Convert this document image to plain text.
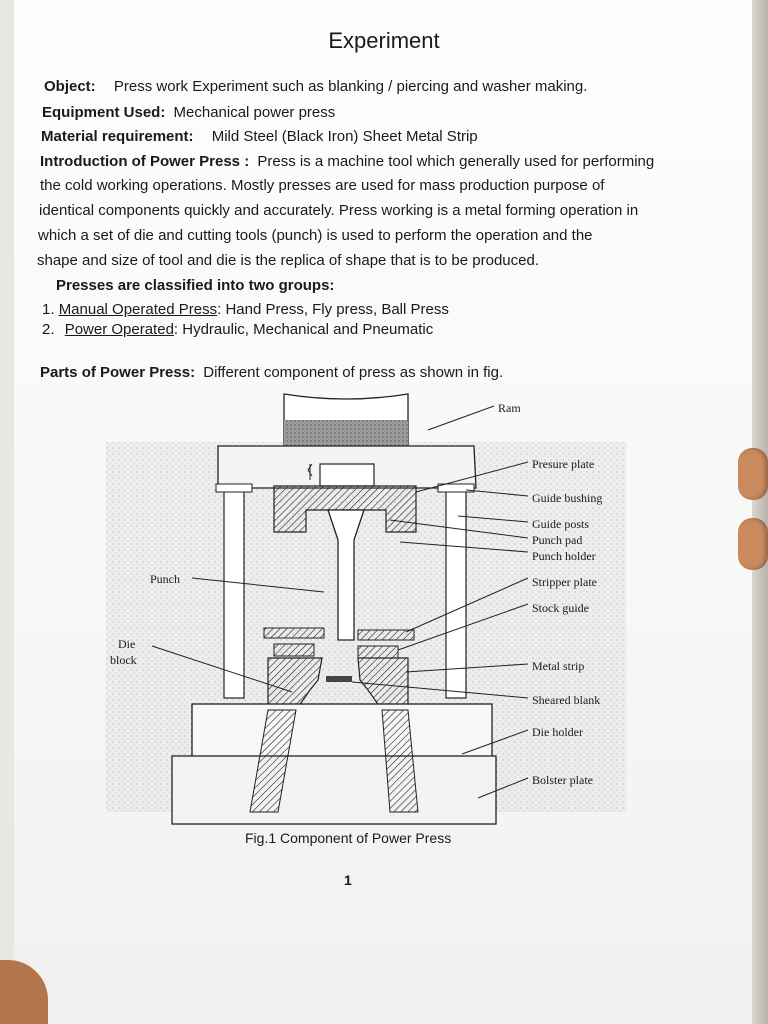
Experiment
Object: Press work Experiment such as blanking / piercing and washer making.
Equipment Used: Mechanical power press
Material requirement: Mild Steel (Black Iron) Sheet Metal Strip
Introduction of Power Press : Press is a machine tool which generally used for performing
the cold working operations. Mostly presses are used for mass production purpose of
identical components quickly and accurately. Press working is a metal forming operation in
which a set of die and cutting tools (punch) is used to perform the operation and the
shape and size of tool and die is the replica of shape that is to be produced.
Presses are classified into two groups:
1. Manual Operated Press: Hand Press, Fly press, Ball Press
2. Power Operated: Hydraulic, Mechanical and Pneumatic
Parts of Power Press: Different component of press as shown in fig.
Ram
Presure plate
Guide bushing
Guide posts
Punch pad
Punch holder
Stripper plate
Stock guide
Metal strip
Sheared blank
Die holder
Bolster plate
Punch
Die
block
Fig.1 Component of Power Press
1
